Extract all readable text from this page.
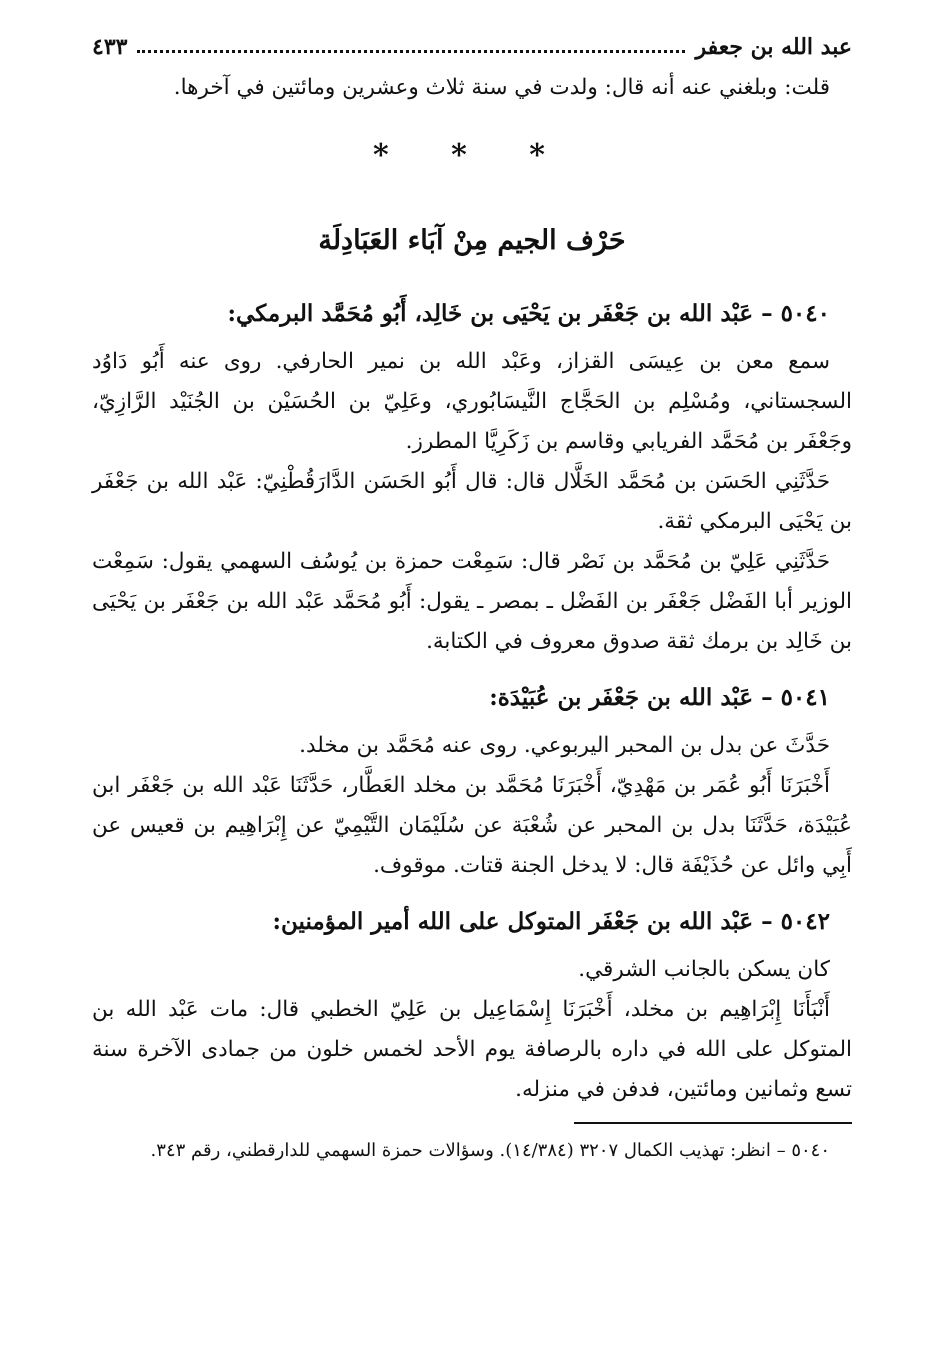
عبد الله بن جعفر
٤٣٣

قلت: وبلغني عنه أنه قال: ولدت في سنة ثلاث وعشرين ومائتين في آخرها.

* * *
حَرْف الجيم مِنْ آبَاء العَبَادِلَة
٥٠٤٠ – عَبْد الله بن جَعْفَر بن يَحْيَى بن خَالِد، أَبُو مُحَمَّد البرمكي:

سمع معن بن عِيسَى القزاز، وعَبْد الله بن نمير الحارفي. روى عنه أَبُو دَاوُد السجستاني، ومُسْلِم بن الحَجَّاج النَّيسَابُوري، وعَلِيّ بن الحُسَيْن بن الجُنَيْد الرَّازِيّ، وجَعْفَر بن مُحَمَّد الفريابي وقاسم بن زَكَرِيَّا المطرز.

حَدَّثَنِي الحَسَن بن مُحَمَّد الخَلَّال قال: قال أَبُو الحَسَن الدَّارَقُطْنِيّ: عَبْد الله بن جَعْفَر بن يَحْيَى البرمكي ثقة.

حَدَّثَنِي عَلِيّ بن مُحَمَّد بن نَصْر قال: سَمِعْت حمزة بن يُوسُف السهمي يقول: سَمِعْت الوزير أبا الفَضْل جَعْفَر بن الفَضْل ـ بمصر ـ يقول: أَبُو مُحَمَّد عَبْد الله بن جَعْفَر بن يَحْيَى بن خَالِد بن برمك ثقة صدوق معروف في الكتابة.

٥٠٤١ – عَبْد الله بن جَعْفَر بن عُبَيْدَة:

حَدَّثَ عن بدل بن المحبر اليربوعي. روى عنه مُحَمَّد بن مخلد.

أَخْبَرَنَا أَبُو عُمَر بن مَهْدِيّ، أَخْبَرَنَا مُحَمَّد بن مخلد العَطَّار، حَدَّثَنَا عَبْد الله بن جَعْفَر ابن عُبَيْدَة، حَدَّثَنَا بدل بن المحبر عن شُعْبَة عن سُلَيْمَان التَّيْمِيّ عن إِبْرَاهِيم بن قعيس عن أَبِي وائل عن حُذَيْفَة قال: لا يدخل الجنة قتات. موقوف.

٥٠٤٢ – عَبْد الله بن جَعْفَر المتوكل على الله أمير المؤمنين:

كان يسكن بالجانب الشرقي.

أَنْبَأَنَا إِبْرَاهِيم بن مخلد، أَخْبَرَنَا إِسْمَاعِيل بن عَلِيّ الخطبي قال: مات عَبْد الله بن المتوكل على الله في داره بالرصافة يوم الأحد لخمس خلون من جمادى الآخرة سنة تسع وثمانين ومائتين، فدفن في منزله.

٥٠٤٠ – انظر: تهذيب الكمال ٣٢٠٧ (١٤/٣٨٤). وسؤالات حمزة السهمي للدارقطني، رقم ٣٤٣.
